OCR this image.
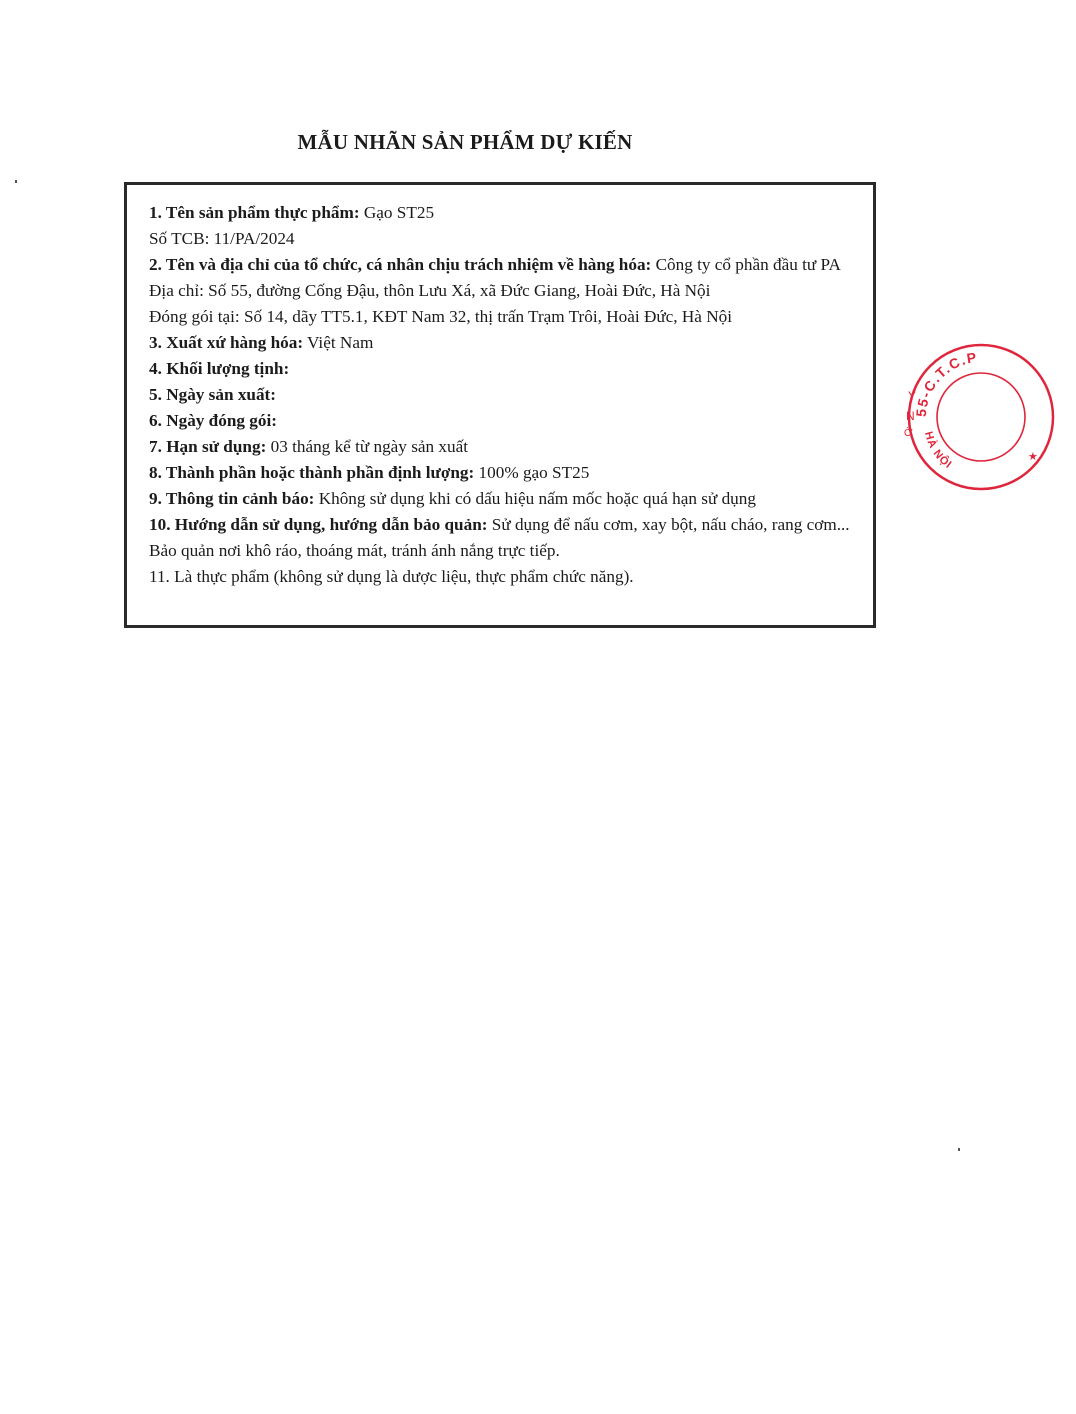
MẪU NHÃN SẢN PHẨM DỰ KIẾN
1. Tên sản phẩm thực phẩm: Gạo ST25
Số TCB: 11/PA/2024
2. Tên và địa chỉ của tổ chức, cá nhân chịu trách nhiệm về hàng hóa: Công ty cổ phần đầu tư PA
Địa chỉ: Số 55, đường Cống Đậu, thôn Lưu Xá, xã Đức Giang, Hoài Đức, Hà Nội
Đóng gói tại: Số 14, dãy TT5.1, KĐT Nam 32, thị trấn Trạm Trôi, Hoài Đức, Hà Nội
3. Xuất xứ hàng hóa: Việt Nam
4. Khối lượng tịnh:
5. Ngày sản xuất:
6. Ngày đóng gói:
7. Hạn sử dụng: 03 tháng kể từ ngày sản xuất
8. Thành phần hoặc thành phần định lượng: 100% gạo ST25
9. Thông tin cảnh báo: Không sử dụng khi có dấu hiệu nấm mốc hoặc quá hạn sử dụng
10. Hướng dẫn sử dụng, hướng dẫn bảo quản: Sử dụng để nấu cơm, xay bột, nấu cháo, rang cơm... Bảo quản nơi khô ráo, thoáng mát, tránh ánh nắng trực tiếp.
11. Là thực phẩm (không sử dụng là dược liệu, thực phẩm chức năng).
55-C.T.C.P
HÀ NỘI
Y
N
Ờ
★
